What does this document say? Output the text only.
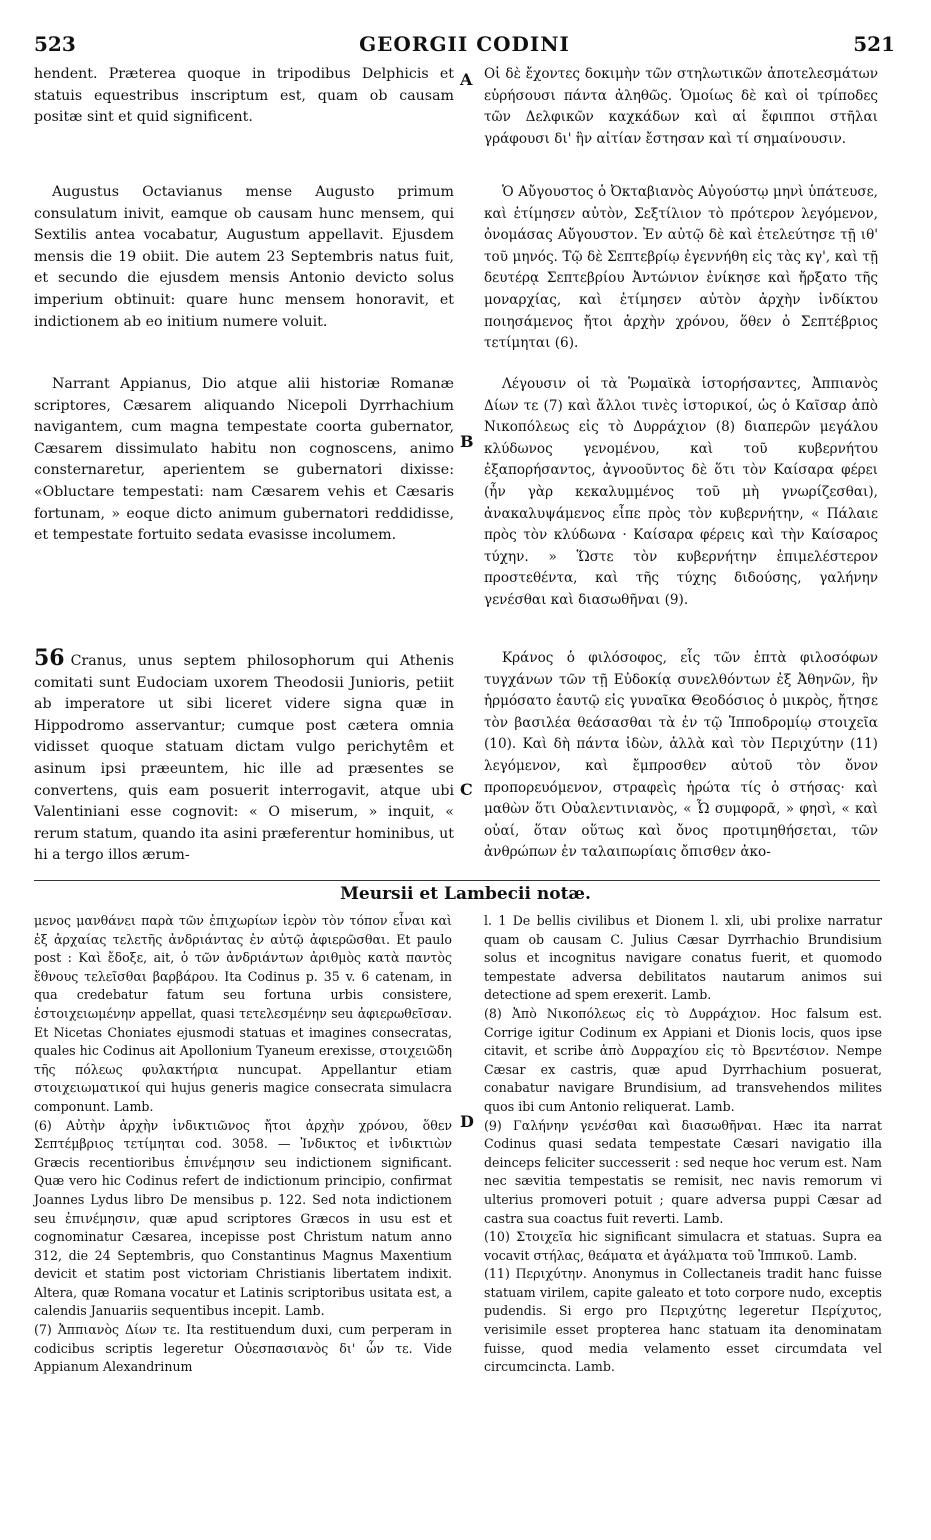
523	GEORGII CODINI	521

hendent. Præterea quoque in tripodibus Delphicis et statuis equestribus inscriptum est, quam ob causam positæ sint et quid significent.

Augustus Octavianus mense Augusto primum consulatum inivit, eamque ob causam hunc mensem, qui Sextilis antea vocabatur, Augustum appellavit. Ejusdem mensis die 19 obiit. Die autem 23 Septembris natus fuit, et secundo die ejusdem mensis Antonio devicto solus imperium obtinuit: quare hunc mensem honoravit, et indictionem ab eo initium numere voluit.

Narrant Appianus, Dio atque alii historiæ Romanæ scriptores, Cæsarem aliquando Nicepoli Dyrrhachium navigantem, cum magna tempestate coorta gubernator, Cæsarem dissimulato habitu non cognoscens, animo consternaretur, aperientem se gubernatori dixisse: «Obluctare tempestati: nam Cæsarem vehis et Cæsaris fortunam, » eoque dicto animum gubernatori reddidisse, et tempestate fortuito sedata evasisse incolumem.

56 Cranus, unus septem philosophorum qui Athenis comitati sunt Eudociam uxorem Theodosii Junioris, petiit ab imperatore ut sibi liceret videre signa quæ in Hippodromo asservantur; cumque post cætera omnia vidisset quoque statuam dictam vulgo perichytêm et asinum ipsi præeuntem, hic ille ad præsentes se convertens, quis eam posuerit interrogavit, atque ubi Valentiniani esse cognovit: « O miserum, » inquit, « rerum statum, quando ita asini præferentur hominibus, ut hi a tergo illos ærum-

A
B
C
D

Οἱ δὲ ἔχοντες δοκιμὴν τῶν στηλωτικῶν ἀποτελεσμάτων εὑρήσουσι πάντα ἀληθῶς. Ὁμοίως δὲ καὶ οἱ τρίποδες τῶν Δελφικῶν καχκάδων καὶ αἱ ἔφιπποι στῆλαι γράφουσι δι' ἣν αἰτίαν ἔστησαν καὶ τί σημαίνουσιν.

Ὁ Αὔγουστος ὁ Ὀκταβιανὸς Αὐγούστῳ μηνὶ ὑπάτευσε, καὶ ἐτίμησεν αὐτὸν, Σεξτίλιον τὸ πρότερον λεγόμενον, ὀνομάσας Αὔγουστον. Ἐν αὐτῷ δὲ καὶ ἐτελεύτησε τῇ ιθ' τοῦ μηνός. Τῷ δὲ Σεπτεβρίῳ ἐγεννήθη εἰς τὰς κγ', καὶ τῇ δευτέρᾳ Σεπτεβρίου Ἀντώνιον ἐνίκησε καὶ ἤρξατο τῆς μοναρχίας, καὶ ἐτίμησεν αὐτὸν ἀρχὴν ἰνδίκτου ποιησάμενος ἤτοι ἀρχὴν χρόνου, ὅθεν ὁ Σεπτέβριος τετίμηται (6).

Λέγουσιν οἱ τὰ Ῥωμαϊκὰ ἱστορήσαντες, Ἀππιανὸς Δίων τε (7) καὶ ἄλλοι τινὲς ἱστορικοί, ὡς ὁ Καῖσαρ ἀπὸ Νικοπόλεως εἰς τὸ Δυρράχιον (8) διαπερῶν μεγάλου κλύδωνος γενομένου, καὶ τοῦ κυβερνήτου ἐξαπορήσαντος, ἀγνοοῦντος δὲ ὅτι τὸν Καίσαρα φέρει (ἦν γὰρ κεκαλυμμένος τοῦ μὴ γνωρίζεσθαι), ἀνακαλυψάμενος εἶπε πρὸς τὸν κυβερνήτην, « Πάλαιε πρὸς τὸν κλύδωνα · Καίσαρα φέρεις καὶ τὴν Καίσαρος τύχην. » Ὥστε τὸν κυβερνήτην ἐπιμελέστερον προστεθέντα, καὶ τῆς τύχης διδούσης, γαλήνην γενέσθαι καὶ διασωθῆναι (9).

Κράνος ὁ φιλόσοφος, εἷς τῶν ἑπτὰ φιλοσόφων τυγχάνων τῶν τῇ Εὐδοκίᾳ συνελθόντων ἐξ Ἀθηνῶν, ἣν ἡρμόσατο ἑαυτῷ εἰς γυναῖκα Θεοδόσιος ὁ μικρὸς, ἤτησε τὸν βασιλέα θεάσασθαι τὰ ἐν τῷ Ἱπποδρομίῳ στοιχεῖα (10). Καὶ δὴ πάντα ἰδὼν, ἀλλὰ καὶ τὸν Περιχύτην (11) λεγόμενον, καὶ ἔμπροσθεν αὐτοῦ τὸν ὄνον προπορευόμενον, στραφεὶς ἠρώτα τίς ὁ στήσας· καὶ μαθὼν ὅτι Οὐαλεντινιανὸς, « Ὦ συμφορᾶ, » φησὶ, « καὶ οὐαί, ὅταν οὕτως καὶ ὄνος προτιμηθήσεται, τῶν ἀνθρώπων ἐν ταλαιπωρίαις ὄπισθεν ἀκο-

Meursii et Lambecii notæ.

μενος μανθάνει παρὰ τῶν ἐπιχωρίων ἱερὸν τὸν τόπον εἶναι καὶ ἐξ ἀρχαίας τελετῆς ἀνδριάντας ἐν αὐτῷ ἀφιερῶσθαι. Et paulo post : Καὶ ἔδοξε, ait, ὁ τῶν ἀνδριάντων ἀριθμὸς κατὰ παντὸς ἔθνους τελεῖσθαι βαρβάρου. Ita Codinus p. 35 v. 6 catenam, in qua credebatur fatum seu fortuna urbis consistere, ἐστοιχειωμένην appellat, quasi τετελεσμένην seu ἀφιερωθεῖσαν. Et Nicetas Choniates ejusmodi statuas et imagines consecratas, quales hic Codinus ait Apollonium Tyaneum erexisse, στοιχειῶδη τῆς πόλεως φυλακτήρια nuncupat. Appellantur etiam στοιχειωματικοί qui hujus generis magice consecrata simulacra componunt. Lamb.

(6) Αὐτὴν ἀρχὴν ἰνδικτιῶνος ἤτοι ἀρχὴν χρόνου, ὅθεν Σεπτέμβριος τετίμηται cod. 3058. — Ἰνδικτος et ἰνδικτιὼν Græcis recentioribus ἐπινέμησιν seu indictionem significant. Quæ vero hic Codinus refert de indictionum principio, confirmat Joannes Lydus libro De mensibus p. 122. Sed nota indictionem seu ἐπινέμησιν, quæ apud scriptores Græcos in usu est et cognominatur Cæsarea, incepisse post Christum natum anno 312, die 24 Septembris, quo Constantinus Magnus Maxentium devicit et statim post victoriam Christianis libertatem indixit. Altera, quæ Romana vocatur et Latinis scriptoribus usitata est, a calendis Januariis sequentibus incepit. Lamb.

(7) Ἀππιανὸς Δίων τε. Ita restituendum duxi, cum perperam in codicibus scriptis legeretur Οὐεσπασιανὸς δι' ὧν τε. Vide Appianum Alexandrinum

l. 1 De bellis civilibus et Dionem l. xli, ubi prolixe narratur quam ob causam C. Julius Cæsar Dyrrhachio Brundisium solus et incognitus navigare conatus fuerit, et quomodo tempestate adversa debilitatos nautarum animos sui detectione ad spem erexerit. Lamb.

(8) Ἀπὸ Νικοπόλεως εἰς τὸ Δυρράχιον. Hoc falsum est. Corrige igitur Codinum ex Appiani et Dionis locis, quos ipse citavit, et scribe ἀπὸ Δυρραχίου εἰς τὸ Βρεντέσιον. Nempe Cæsar ex castris, quæ apud Dyrrhachium posuerat, conabatur navigare Brundisium, ad transvehendos milites quos ibi cum Antonio reliquerat. Lamb.

(9) Γαλήνην γενέσθαι καὶ διασωθῆναι. Hæc ita narrat Codinus quasi sedata tempestate Cæsari navigatio illa deinceps feliciter successerit : sed neque hoc verum est. Nam nec sævitia tempestatis se remisit, nec navis remorum vi ulterius promoveri potuit ; quare adversa puppi Cæsar ad castra sua coactus fuit reverti. Lamb.

(10) Στοιχεῖα hic significant simulacra et statuas. Supra ea vocavit στήλας, θεάματα et ἀγάλματα τοῦ Ἱππικοῦ. Lamb.

(11) Περιχύτην. Anonymus in Collectaneis tradit hanc fuisse statuam virilem, capite galeato et toto corpore nudo, exceptis pudendis. Si ergo pro Περιχύτης legeretur Περίχυτος, verisimile esset propterea hanc statuam ita denominatam fuisse, quod media velamento esset circumdata vel circumcincta. Lamb.
